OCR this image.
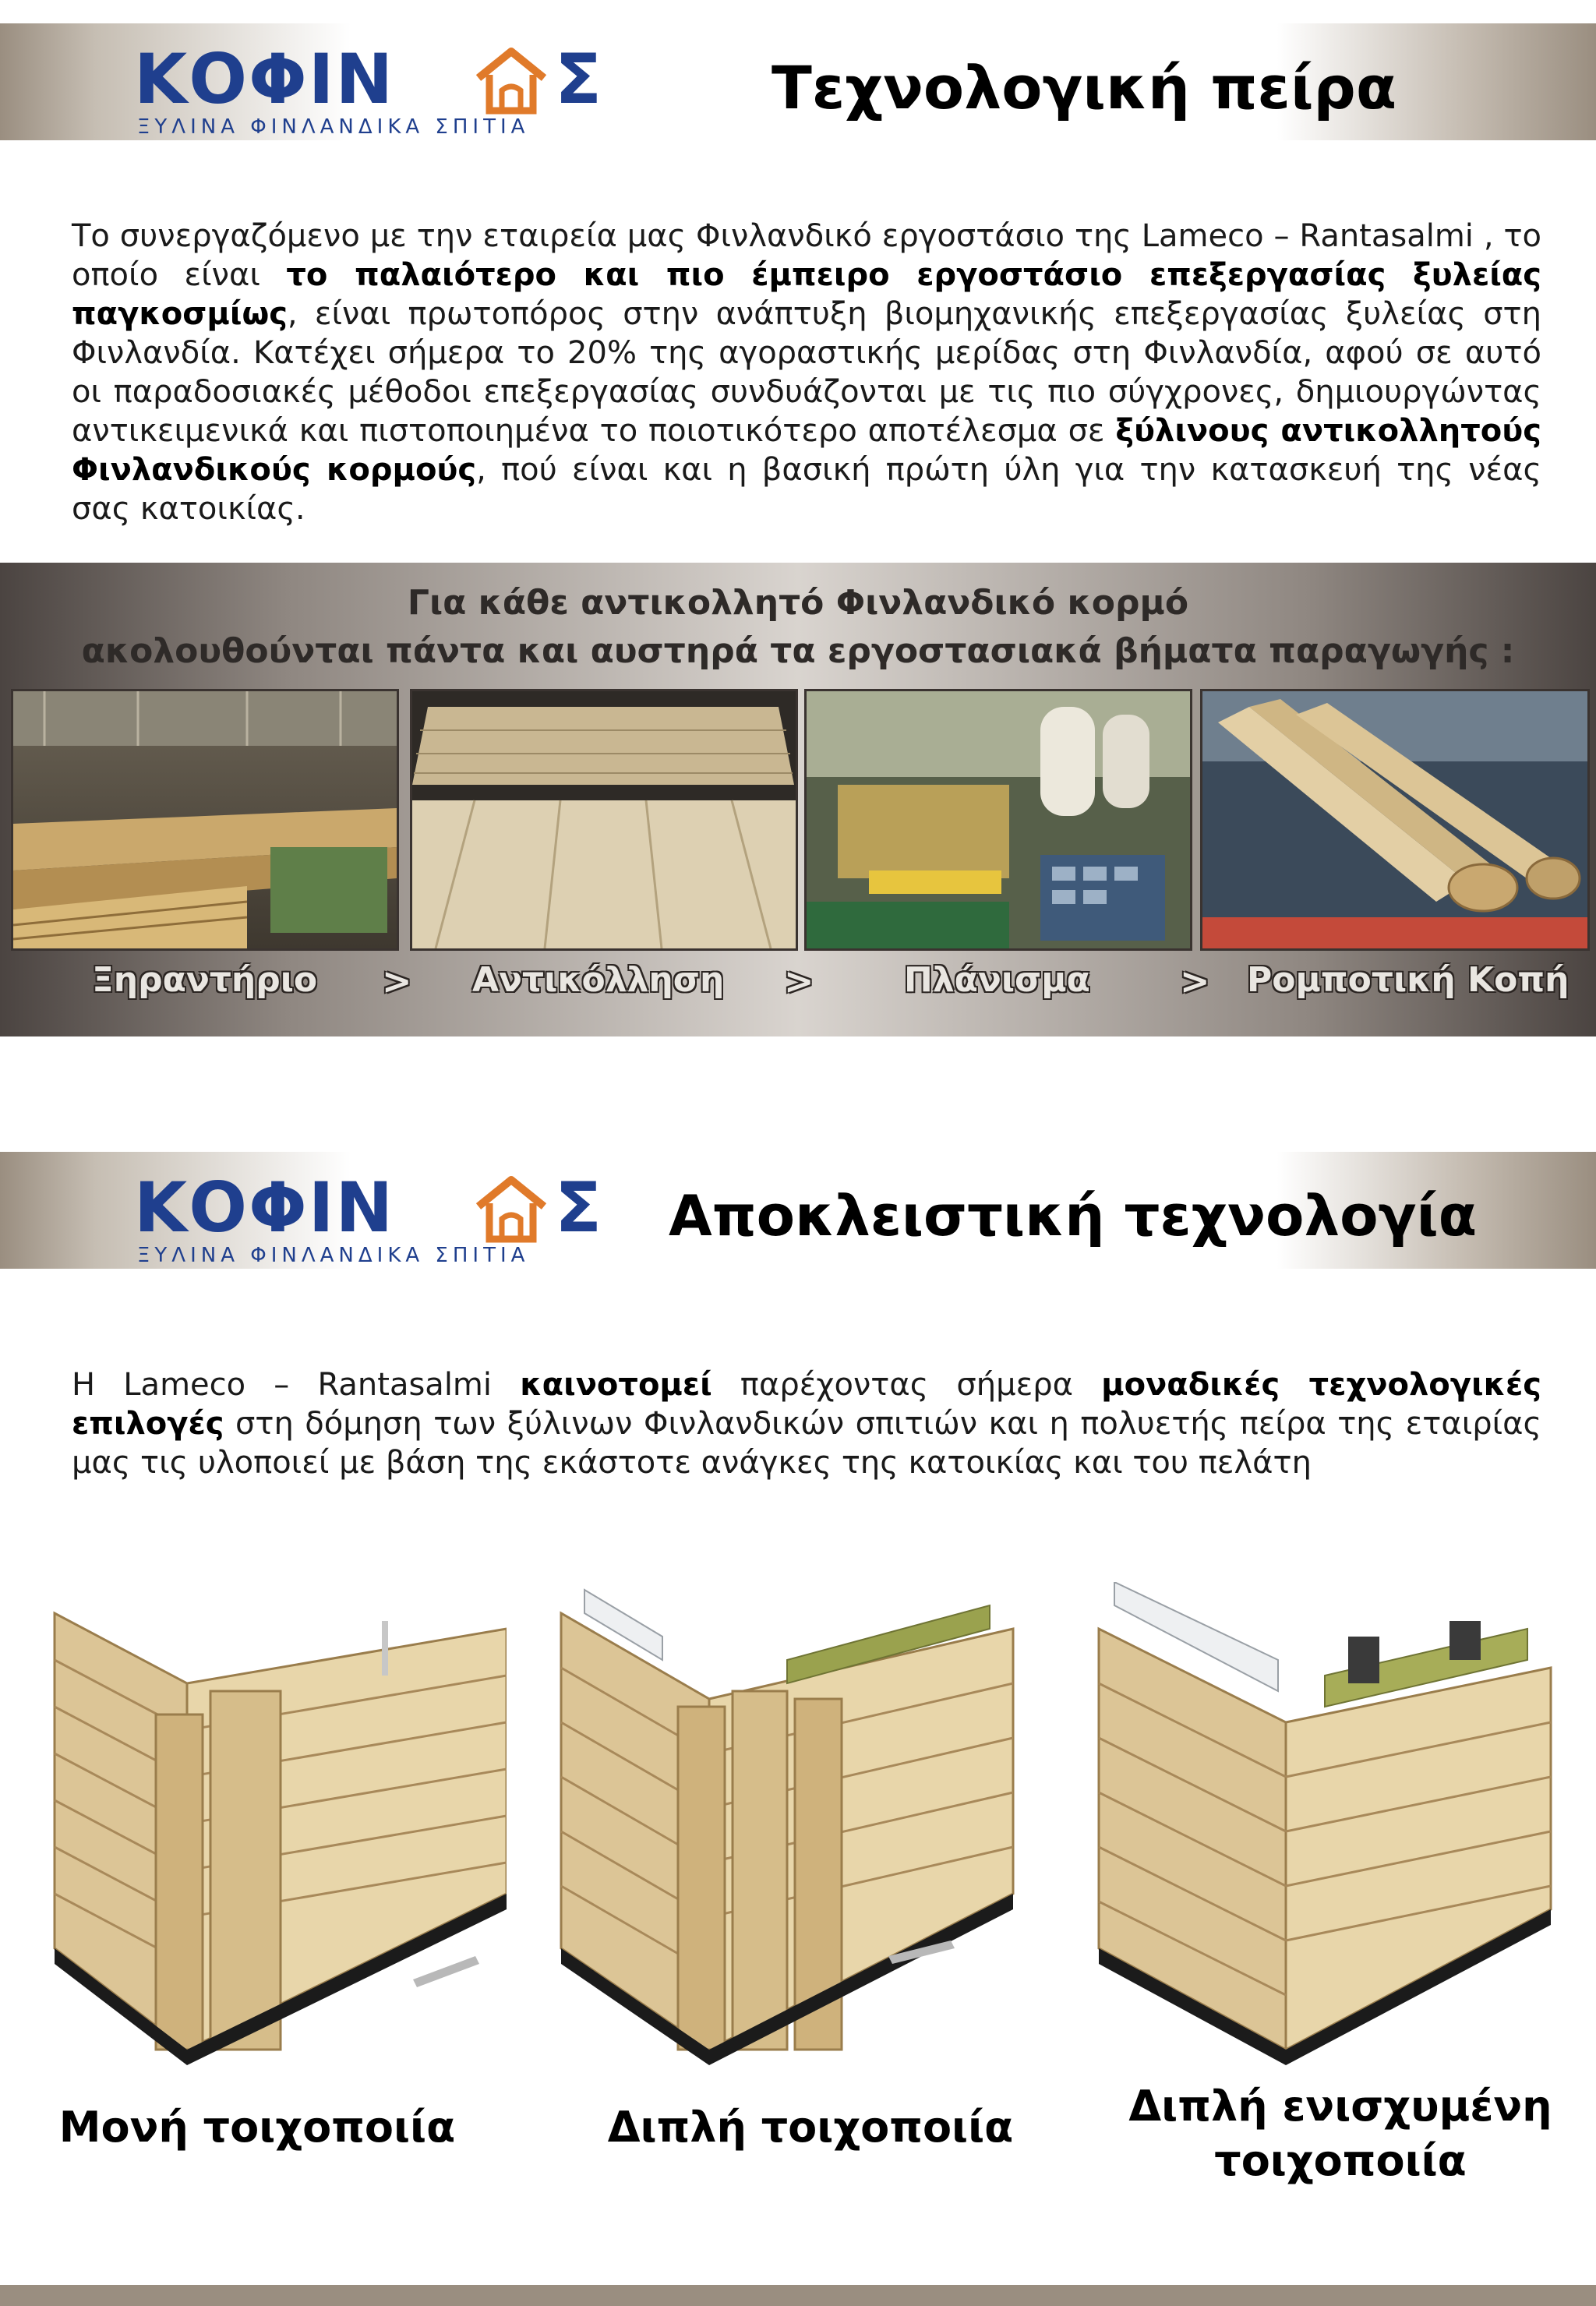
ΚΟΦΙΝ Σ
ΞΥΛΙΝΑ ΦΙΝΛΑΝΔΙΚΑ ΣΠΙΤΙΑ
Τεχνολογική πείρα

Το συνεργαζόμενο με την εταιρεία μας Φινλανδικό εργοστάσιο της Lameco – Rantasalmi , το οποίο είναι το παλαιότερο και πιο έμπειρο εργοστάσιο επεξεργασίας ξυλείας παγκοσμίως, είναι πρωτοπόρος στην ανάπτυξη βιομηχανικής επεξεργασίας ξυλείας στη Φινλανδία. Κατέχει σήμερα το 20% της αγοραστικής μερίδας στη Φινλανδία, αφού σε αυτό οι παραδοσιακές μέθοδοι επεξεργασίας συνδυάζονται με τις πιο σύγχρονες, δημιουργώντας αντικειμενικά και πιστοποιημένα το ποιοτικότερο αποτέλεσμα σε ξύλινους αντικολλητούς Φινλανδικούς κορμούς, πού είναι και η βασική πρώτη ύλη για την κατασκευή της νέας σας κατοικίας.

Για κάθε αντικολλητό Φινλανδικό κορμό
ακολουθούνται πάντα και αυστηρά τα εργοστασιακά βήματα παραγωγής :
Ξηραντήριο > Αντικόλληση >	Πλάνισμα	> Ρομποτική Κοπή
ΚΟΦΙΝ Σ
ΞΥΛΙΝΑ ΦΙΝΛΑΝΔΙΚΑ ΣΠΙΤΙΑ
Αποκλειστική τεχνολογία

Η Lameco – Rantasalmi καινοτομεί παρέχοντας σήμερα μοναδικές τεχνολογικές επιλογές στη δόμηση των ξύλινων Φινλανδικών σπιτιών και η πολυετής πείρα της εταιρίας μας τις υλοποιεί με βάση της εκάστοτε ανάγκες της κατοικίας και του πελάτη

Μονή τοιχοποιία	Διπλή τοιχοποιία	Διπλή ενισχυμένη
τοιχοποιία
